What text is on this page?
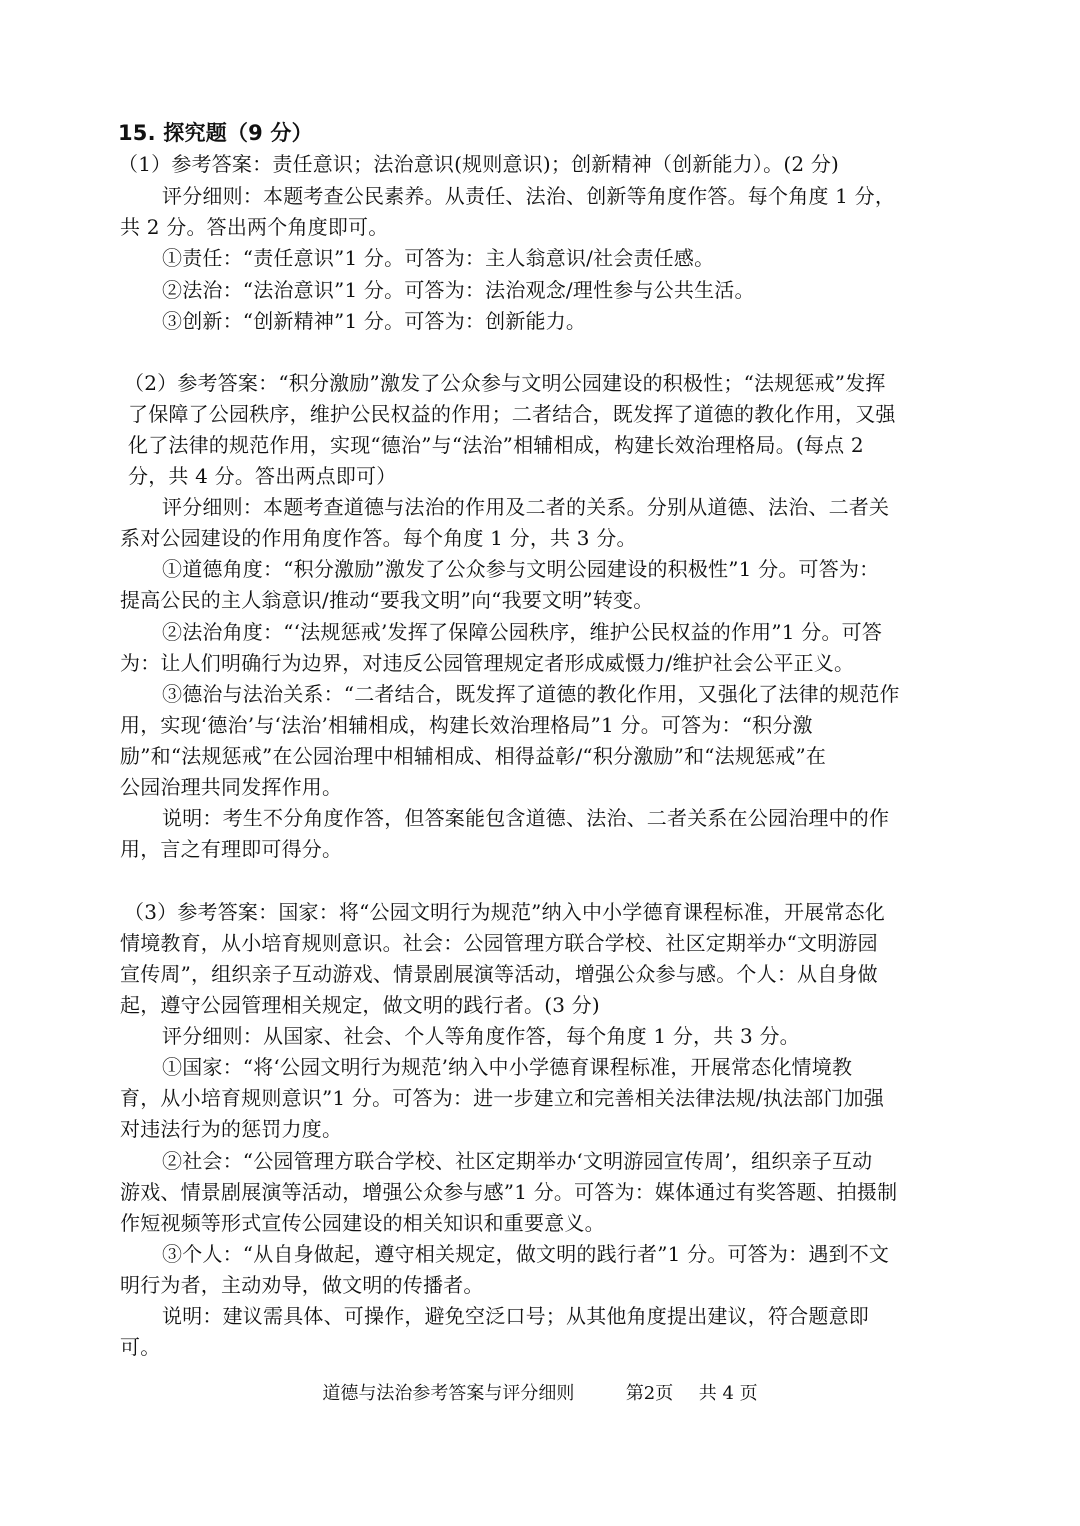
15. 探究题（9 分）
（1）参考答案：责任意识；法治意识(规则意识)；创新精神（创新能力）。(2 分)
评分细则：本题考查公民素养。从责任、法治、创新等角度作答。每个角度 1 分，
共 2 分。答出两个角度即可。
①责任：“责任意识”1 分。可答为：主人翁意识/社会责任感。
②法治：“法治意识”1 分。可答为：法治观念/理性参与公共生活。
③创新：“创新精神”1 分。可答为：创新能力。
（2）参考答案：“积分激励”激发了公众参与文明公园建设的积极性；“法规惩戒”发挥
了保障了公园秩序，维护公民权益的作用；二者结合，既发挥了道德的教化作用，又强
化了法律的规范作用，实现“德治”与“法治”相辅相成，构建长效治理格局。(每点 2
分，共 4 分。答出两点即可）
评分细则：本题考查道德与法治的作用及二者的关系。分别从道德、法治、二者关
系对公园建设的作用角度作答。每个角度 1 分，共 3 分。
①道德角度：“积分激励”激发了公众参与文明公园建设的积极性”1 分。可答为：
提高公民的主人翁意识/推动“要我文明”向“我要文明”转变。
②法治角度：“‘法规惩戒’发挥了保障公园秩序，维护公民权益的作用”1 分。可答
为：让人们明确行为边界，对违反公园管理规定者形成威慑力/维护社会公平正义。
③德治与法治关系：“二者结合，既发挥了道德的教化作用，又强化了法律的规范作
用，实现‘德治’与‘法治’相辅相成，构建长效治理格局”1 分。可答为：“积分激
励”和“法规惩戒”在公园治理中相辅相成、相得益彰/“积分激励”和“法规惩戒”在
公园治理共同发挥作用。
说明：考生不分角度作答，但答案能包含道德、法治、二者关系在公园治理中的作
用，言之有理即可得分。
（3）参考答案：国家：将“公园文明行为规范”纳入中小学德育课程标准，开展常态化
情境教育，从小培育规则意识。社会：公园管理方联合学校、社区定期举办“文明游园
宣传周”，组织亲子互动游戏、情景剧展演等活动，增强公众参与感。个人：从自身做
起，遵守公园管理相关规定，做文明的践行者。(3 分)
评分细则：从国家、社会、个人等角度作答，每个角度 1 分，共 3 分。
①国家：“将‘公园文明行为规范’纳入中小学德育课程标准，开展常态化情境教
育，从小培育规则意识”1 分。可答为：进一步建立和完善相关法律法规/执法部门加强
对违法行为的惩罚力度。
②社会：“公园管理方联合学校、社区定期举办‘文明游园宣传周’，组织亲子互动
游戏、情景剧展演等活动，增强公众参与感”1 分。可答为：媒体通过有奖答题、拍摄制
作短视频等形式宣传公园建设的相关知识和重要意义。
③个人：“从自身做起，遵守相关规定，做文明的践行者”1 分。可答为：遇到不文
明行为者，主动劝导，做文明的传播者。
说明：建议需具体、可操作，避免空泛口号；从其他角度提出建议，符合题意即
可。
道德与法治参考答案与评分细则	第2页 共 4 页
